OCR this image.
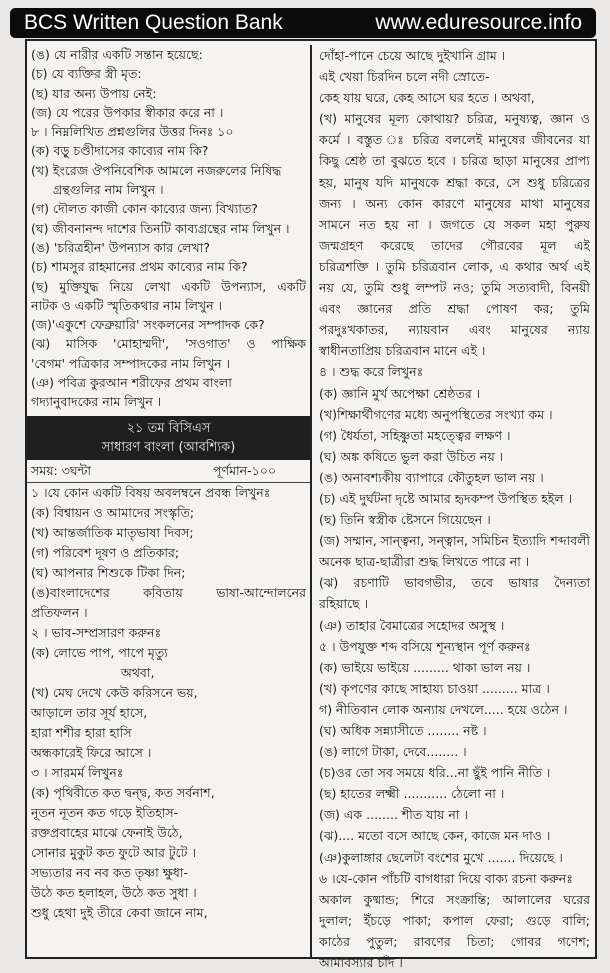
BCS Written Question Bank	www.eduresource.info
(ঙ) যে নারীর একটি সন্তান হয়েছে:
(চ) যে ব্যক্তির স্ত্রী মৃত:
(ছ) যার অন্য উপায় নেই:
(জ) যে পরের উপকার স্বীকার করে না ।
৮ । নিম্নলিখিত প্রশ্নগুলির উত্তর দিনঃ ১০
(ক) বড়ু চণ্ডীদাসের কাব্যের নাম কি?
(খ) ইংরেজ ঔপনিবেশিক আমলে নজরুলের নিষিদ্ধ
গ্রন্থগুলির নাম লিখুন ।
(গ) দৌলত কাজী কোন কাব্যের জন্য বিখ্যাত?
(ঘ) জীবনানন্দ দাশের তিনটি কাব্যগ্রন্থের নাম লিখুন ।
(ঙ) 'চরিত্রহীন' উপন্যাস কার লেখা?
(চ) শামসুর রাহমানের প্রথম কাব্যের নাম কি?
(ছ) মুক্তিযুদ্ধ নিয়ে লেখা একটি উপন্যাস, একটি
নাটক ও একটি স্মৃতিকথার নাম লিখুন ।
(জ)'একুশে ফেব্রুয়ারি' সংকলনের সম্পাদক কে?
(ঝ) মাসিক 'মোহাম্মদী', 'সওগাত' ও পাক্ষিক
'বেগম' পত্রিকার সম্পাদকের নাম লিখুন ।
(ঞ) পবিত্র কুরআন শরীফের প্রথম বাংলা
গদ্যানুবাদকের নাম লিখুন ।
২১ তম বিসিএস
সাধারণ বাংলা (আবশ্যিক)
সময়: ৩ঘন্টা	পূর্ণমান-১০০
১ ।যে কোন একটি বিষয় অবলম্বনে প্রবন্ধ লিখুনঃ
(ক) বিশ্বায়ন ও আমাদের সংস্কৃতি;
(খ) আন্তর্জাতিক মাতৃভাষা দিবস;
(গ) পরিবেশ দূষণ ও প্রতিকার;
(ঘ) আপনার শিশুকে টিকা দিন;
(ঙ)বাংলাদেশের কবিতায় ভাষা-আন্দোলনের
প্রতিফলন ।
২ । ভাব-সম্প্রসারণ করুনঃ
(ক) লোভে পাপ, পাপে মৃত্যু
অথবা,
(খ) মেঘ দেখে কেউ করিসনে ভয়,
আড়ালে তার সূর্য হাসে,
হারা শশীর হারা হাসি
অন্ধকারেই ফিরে আসে ।
৩ । সারমর্ম লিখুনঃ
(ক) পৃথিবীতে কত দ্বন্দ্ব, কত সর্বনাশ,
নূতন নূতন কত গড়ে ইতিহাস-
রক্তপ্রবাহের মাঝে ফেনাই উঠে,
সোনার মুকুট কত ফুটে আর টুটে ।
সভ্যতার নব নব কত তৃষ্ণা ক্ষুধা-
উঠে কত হলাহল, উঠে কত সুধা ।
শুধু হেথা দুই তীরে কেবা জানে নাম,
দোঁহা-পানে চেয়ে আছে দুইখানি গ্রাম ।
এই খেয়া চিরদিন চলে নদী স্রোতে-
কেহ যায় ঘরে, কেহ আসে ঘর হতে । অথবা,
(খ) মানুষের মূল্য কোথায়? চরিত্র, মনুষ্যত্ব, জ্ঞান ও
কর্মে । বস্তুত ঃ চরিত্র বললেই মানুষের জীবনের যা
কিছু শ্রেষ্ঠ তা বুঝতে হবে । চরিত্র ছাড়া মানুষের প্রাপ্য
হয়, মানুষ যদি মানুষকে শ্রদ্ধা করে, সে শুধু চরিত্রের
জন্য । অন্য কোন কারণে মানুষের মাথা মানুষের
সামনে নত হয় না । জগতে যে সকল মহা পুরুষ
জন্মগ্রহণ করেছে তাদের গৌরবের মূল এই
চরিত্রশক্তি । তুমি চরিত্রবান লোক, এ কথার অর্থ এই
নয় যে, তুমি শুধু লম্পট নও; তুমি সত্যবাদী, বিনয়ী
এবং জ্ঞানের প্রতি শ্রদ্ধা পোষণ কর; তুমি
পরদুঃখকাতর, ন্যায়বান এবং মানুষের ন্যায়
স্বাধীনতাপ্রিয় চরিত্রবান মানে এই ।
৪ । শুদ্ধ করে লিখুনঃ
(ক) জ্ঞানি মুর্খ অপেক্ষা শ্রেষ্ঠতর ।
(খ)শিক্ষার্থীগণের মধ্যে অনুপস্থিতের সংখ্যা কম ।
(গ) ধৈর্যতা, সহিষ্ণুতা মহত্ত্বের লক্ষণ ।
(ঘ) অঙ্ক কষিতে ভুল করা উচিত নয় ।
(ঙ) অনাবশ্যকীয় ব্যাপারে কৌতুহল ভাল নয় ।
(চ) এই দুর্ঘটনা দৃষ্টে আমার হৃদকম্প উপস্থিত হইল ।
(ছ) তিনি স্বস্ত্রীক ষ্টেসনে গিয়েছেন ।
(জ) সম্মান, সান্ত্বনা, সন্ত্বান, সমিচিন ইত্যাদি শব্দাবলী
অনেক ছাত্র-ছাত্রীরা শুদ্ধ লিখতে পারে না ।
(ঝ) রচণাটি ভাবগভীর, তবে ভাষার দৈন্যতা
রহিয়াছে ।
(ঞ) তাহার বৈমাত্রের সহোদর অসুস্থ ।
৫ । উপযুক্ত শব্দ বসিয়ে শূন্যস্থান পূর্ণ করুনঃ
(ক) ভাইয়ে ভাইয়ে ......... থাকা ভাল নয় ।
(খ) কৃপণের কাছে সাহায্য চাওয়া ......... মাত্র ।
গ) নীতিবান লোক অন্যায় দেখলে..... হয়ে ওঠেন ।
(ঘ) অধিক সন্ন্যাসীতে ........ নষ্ট ।
(ঙ) লাগে টাকা, দেবে........ ।
(চ)ওর তো সব সময়ে ধরি...না ছুঁই পানি নীতি ।
(ছ) হাতের লক্ষ্মী ........... ঠেলো না ।
(জ) এক ........ শীত যায় না ।
(ঝ).... মতো বসে আছে কেন, কাজে মন দাও ।
(ঞ)কুলাঙ্গার ছেলেটা বংশের মুখে ....... দিয়েছে ।
৬ ।যে-কোন পাঁচটি বাগধারা দিয়ে বাক্য রচনা করুনঃ
অকাল কুষ্মান্ড; শিরে সংক্রান্তি; আলালের ঘরের
দুলাল; ইঁচড়ে পাকা; কপাল ফেরা; গুড়ে বালি;
কাঠের পুতুল; রাবণের চিতা; গোবর গণেশ;
আমাবস্যার চাঁদ ।
